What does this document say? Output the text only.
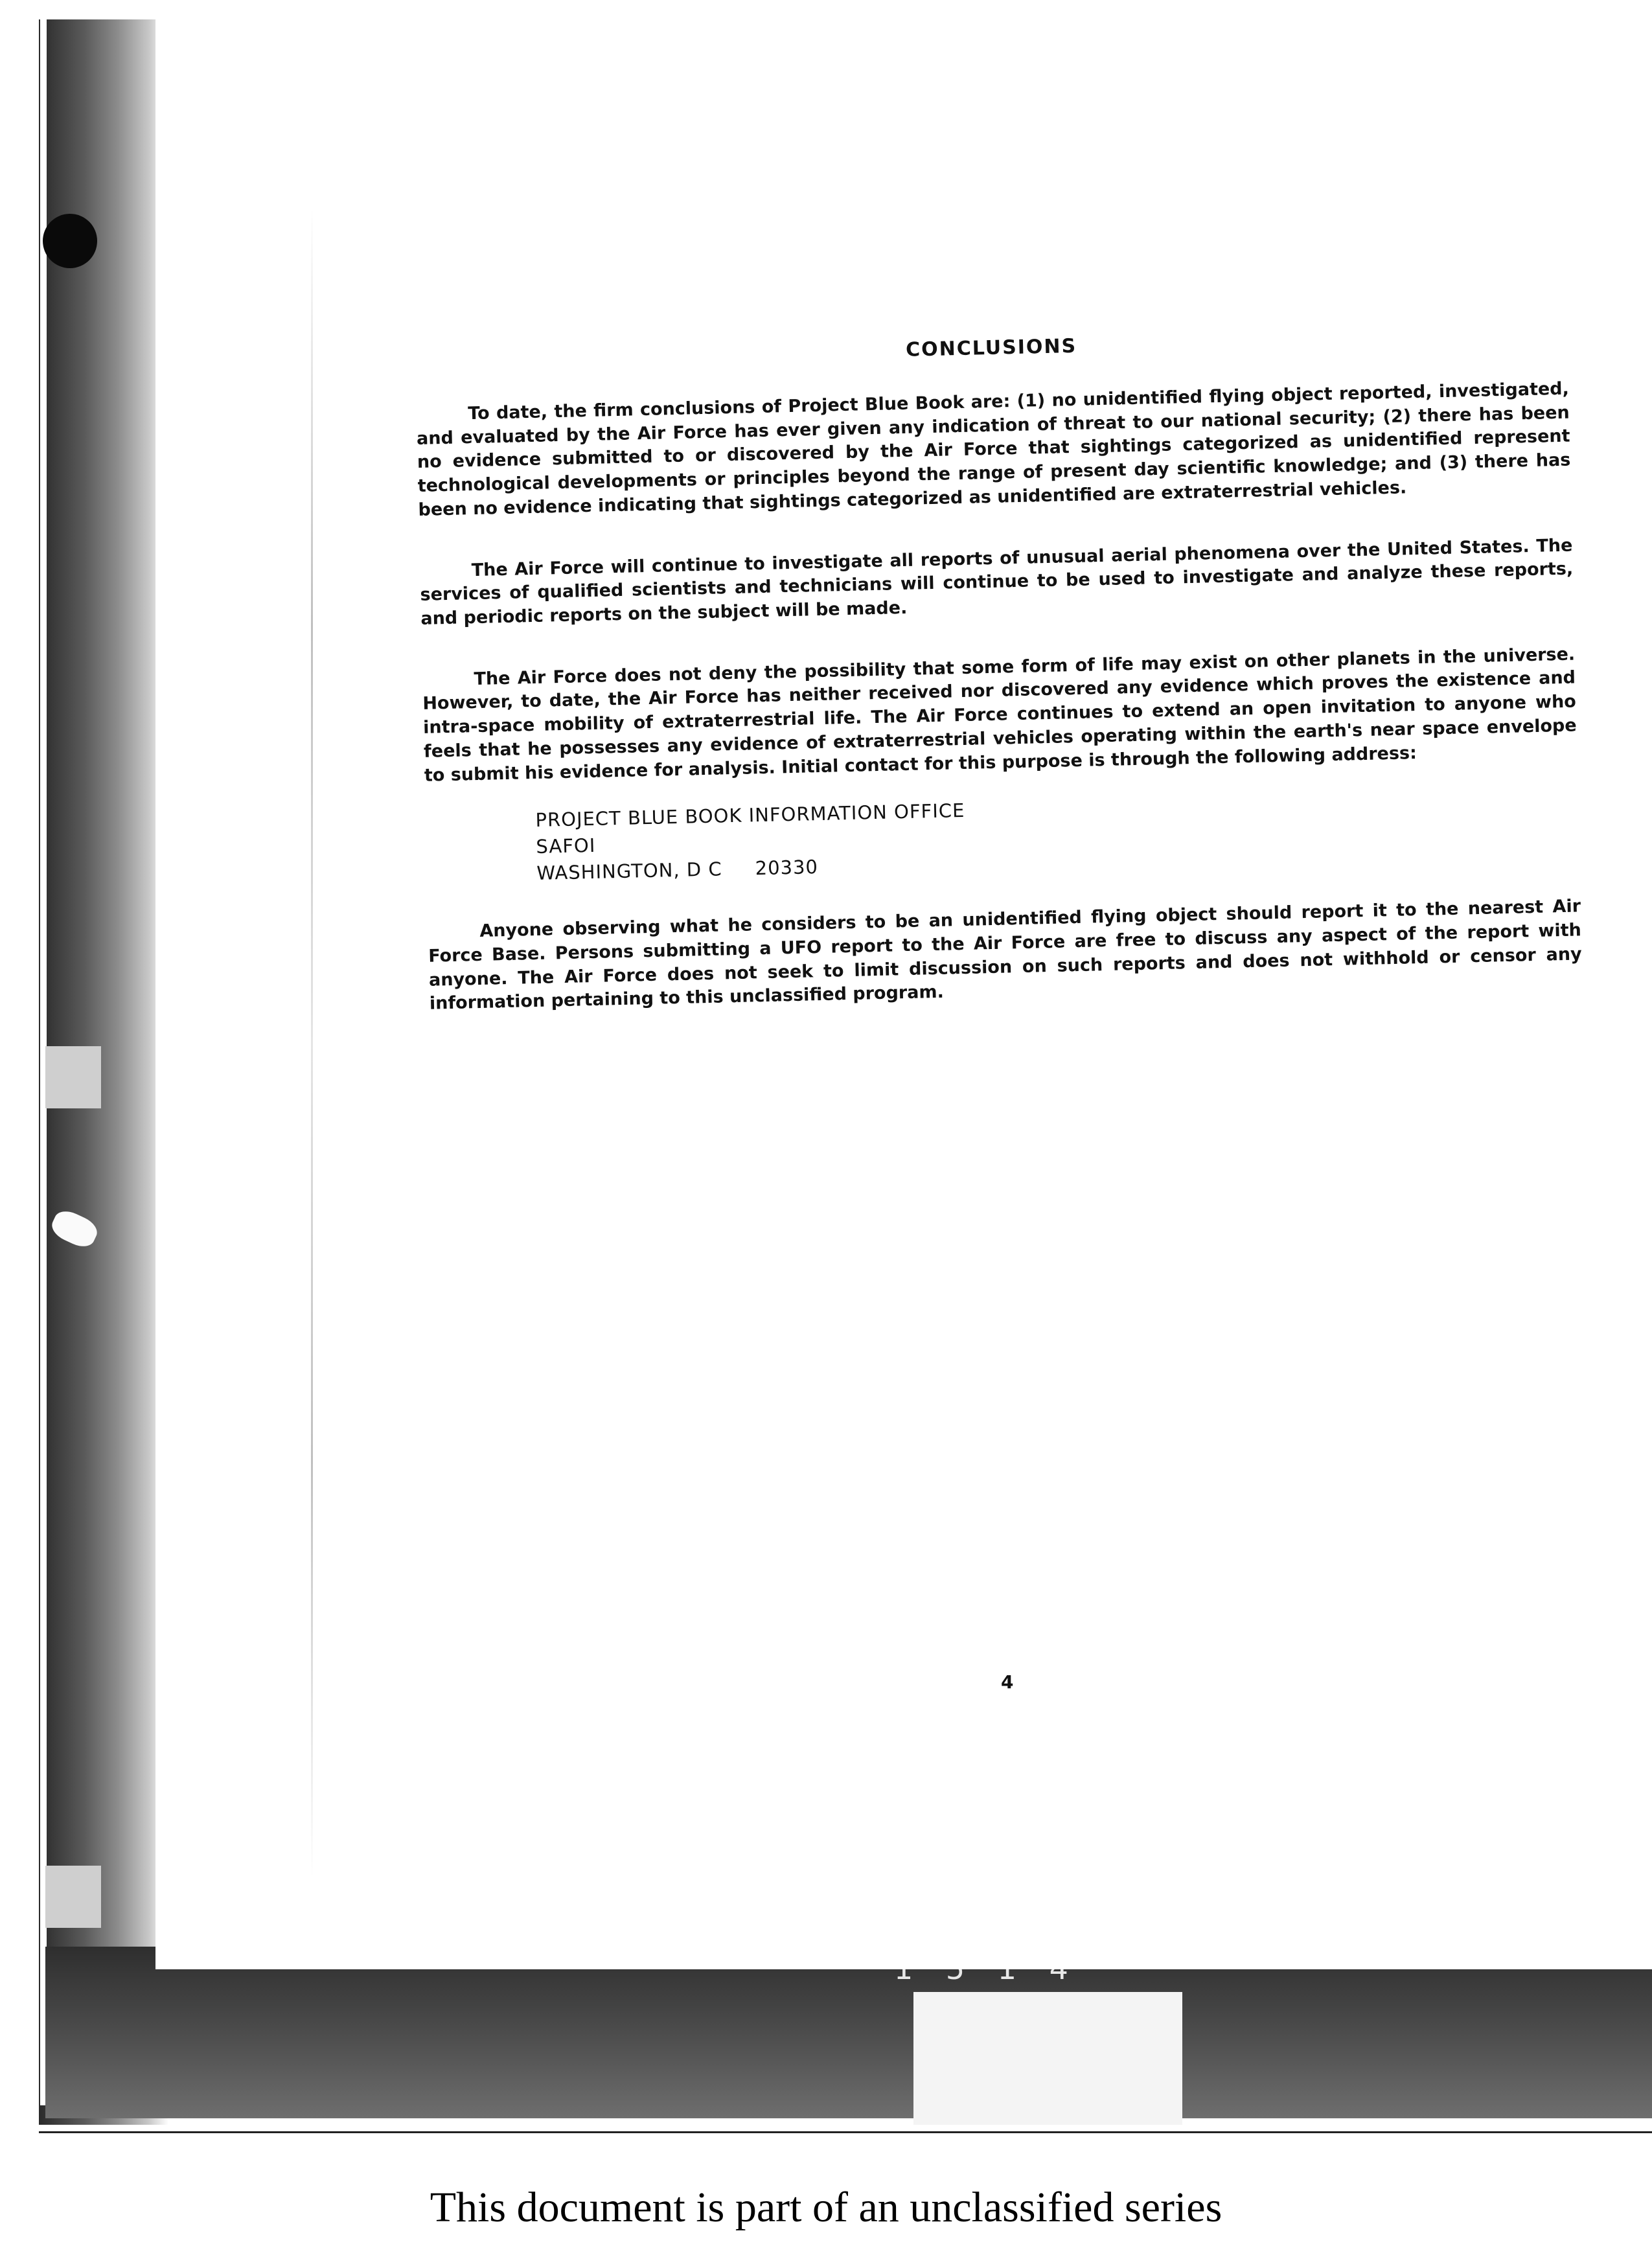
CONCLUSIONS

To date, the firm conclusions of Project Blue Book are: (1) no unidentified flying object reported, investigated, and evaluated by the Air Force has ever given any indication of threat to our national security; (2) there has been no evidence submitted to or discovered by the Air Force that sightings categorized as unidentified represent technological developments or principles beyond the range of present day scientific knowledge; and (3) there has been no evidence indicating that sightings categorized as unidentified are extraterrestrial vehicles.

The Air Force will continue to investigate all reports of unusual aerial phenomena over the United States. The services of qualified scientists and technicians will continue to be used to investigate and analyze these reports, and periodic reports on the subject will be made.

The Air Force does not deny the possibility that some form of life may exist on other planets in the universe. However, to date, the Air Force has neither received nor discovered any evidence which proves the existence and intra-space mobility of extraterrestrial life. The Air Force continues to extend an open invitation to anyone who feels that he possesses any evidence of extraterrestrial vehicles operating within the earth's near space envelope to submit his evidence for analysis. Initial contact for this purpose is through the following address:

PROJECT BLUE BOOK INFORMATION OFFICE
SAFOI
WASHINGTON, D C     20330

Anyone observing what he considers to be an unidentified flying object should report it to the nearest Air Force Base. Persons submitting a UFO report to the Air Force are free to discuss any aspect of the report with anyone. The Air Force does not seek to limit discussion on such reports and does not withhold or censor any information pertaining to this unclassified program.

4
This document is part of an unclassified series
